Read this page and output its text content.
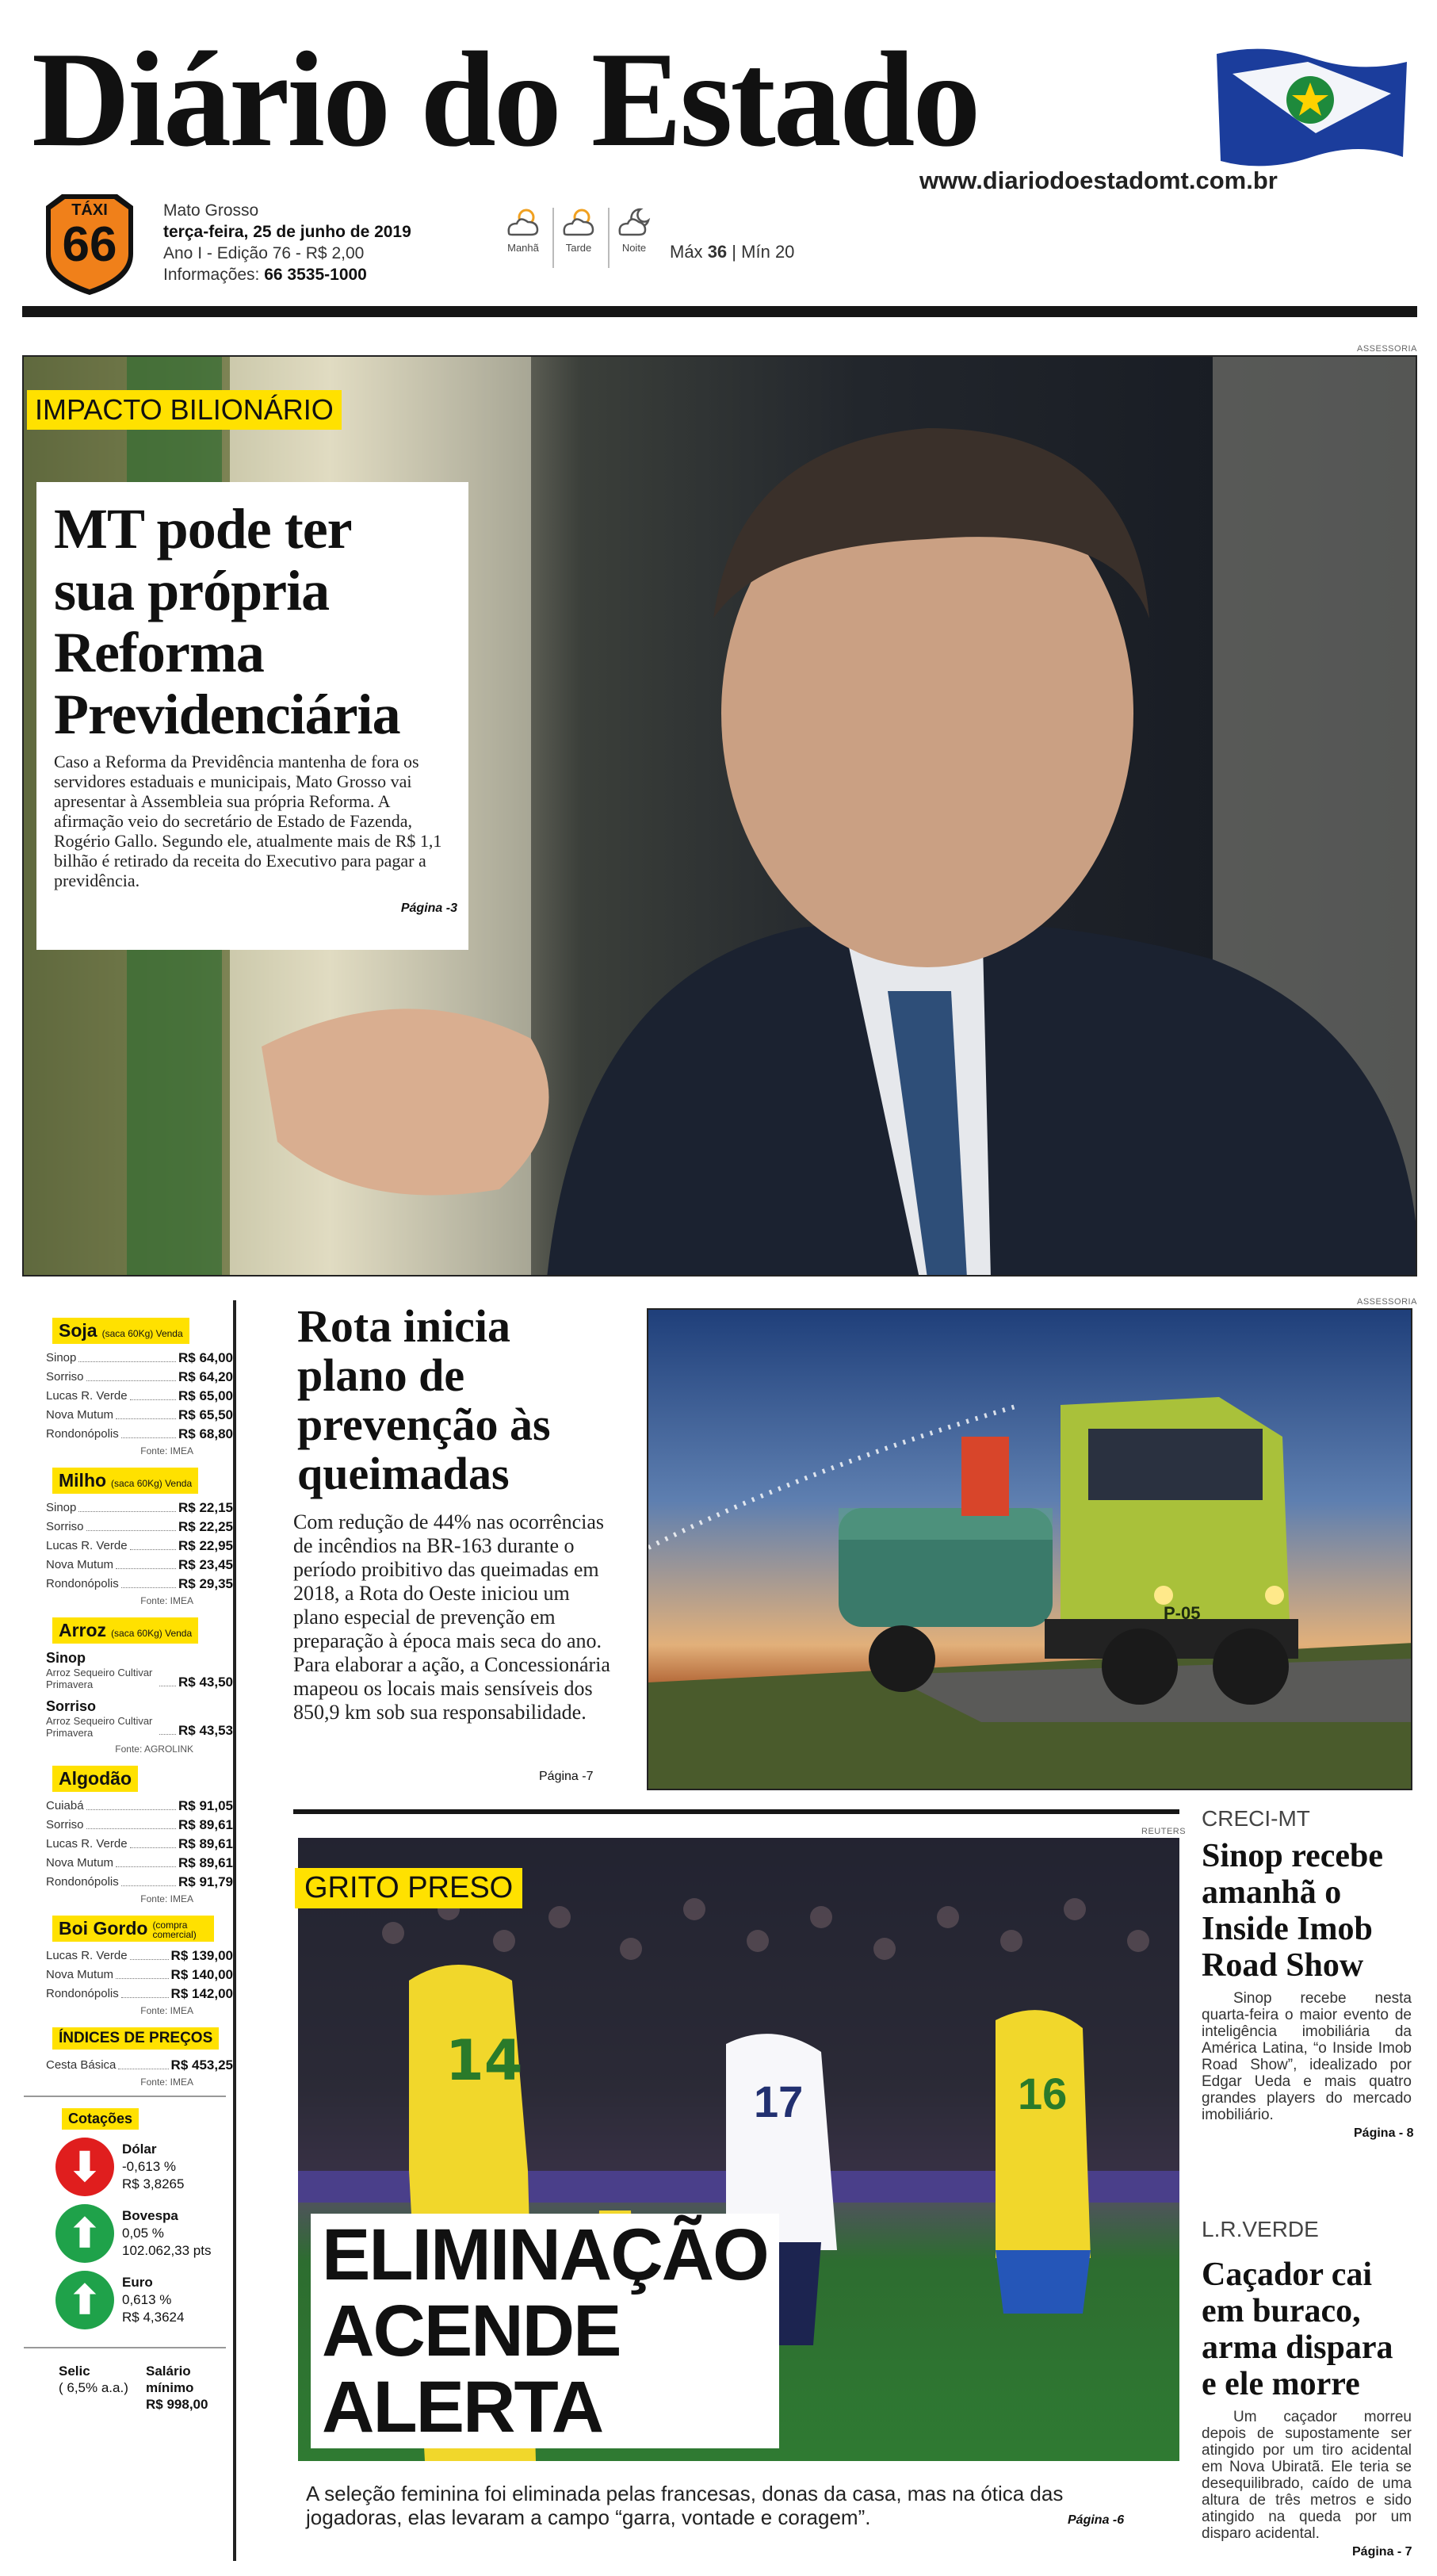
Diário do Estado
www.diariodoestadomt.com.br
TÁXI
66
Mato Grosso
terça-feira, 25 de junho de 2019
Ano I - Edição 76 - R$ 2,00
Informações: 66 3535-1000
Manhã	Tarde	Noite	Máx 36 | Mín 20
ASSESSORIA
IMPACTO BILIONÁRIO
MT pode ter
sua própria
Reforma
Previdenciária
Caso a Reforma da Previdência mantenha de fora os servidores estaduais e municipais, Mato Grosso vai apresentar à Assembleia sua própria Reforma. A afirmação veio do secretário de Estado de Fazenda, Rogério Gallo. Segundo ele, atualmente mais de R$ 1,1 bilhão é retirado da receita do Executivo para pagar a previdência.
Página -3
Soja (saca 60Kg) Venda
Sinop	R$ 64,00
Sorriso	R$ 64,20
Lucas R. Verde	R$ 65,00
Nova Mutum	R$ 65,50
Rondonópolis	R$ 68,80
Fonte: IMEA
Milho (saca 60Kg) Venda
Sinop	R$ 22,15
Sorriso	R$ 22,25
Lucas R. Verde	R$ 22,95
Nova Mutum	R$ 23,45
Rondonópolis	R$ 29,35
Fonte: IMEA
Arroz (saca 60Kg) Venda
Sinop
Arroz Sequeiro Cultivar Primavera	R$ 43,50
Sorriso
Arroz Sequeiro Cultivar Primavera	R$ 43,53
Fonte: AGROLINK
Algodão
Cuiabá	R$ 91,05
Sorriso	R$ 89,61
Lucas R. Verde	R$ 89,61
Nova Mutum	R$ 89,61
Rondonópolis	R$ 91,79
Fonte: IMEA
Boi Gordo (compra comercial)
Lucas R. Verde	R$ 139,00
Nova Mutum	R$ 140,00
Rondonópolis	R$ 142,00
Fonte: IMEA
ÍNDICES DE PREÇOS
Cesta Básica	R$ 453,25
Fonte: IMEA
Cotações
⬇	Dólar
-0,613 %
R$ 3,8265
⬆	Bovespa
0,05 %
102.062,33 pts
⬆	Euro
0,613 %
R$ 4,3624
Selic
( 6,5% a.a.)
Salário mínimo
R$ 998,00
Rota inicia
plano de
prevenção às
queimadas
Com redução de 44% nas ocorrências de incêndios na BR-163 durante o período proibitivo das queimadas em 2018, a Rota do Oeste iniciou um plano especial de prevenção em preparação à época mais seca do ano. Para elaborar a ação, a Concessionária mapeou os locais mais sensíveis dos 850,9 km sob sua responsabilidade.
Página -7
ASSESSORIA
P-05
REUTERS
14
17	16
GRITO PRESO
ELIMINAÇÃO
ACENDE
ALERTA
A seleção feminina foi eliminada pelas francesas, donas da casa, mas na ótica das jogadoras, elas levaram a campo “garra, vontade e coragem”.	Página -6
CRECI-MT
Sinop recebe
amanhã o
Inside Imob
Road Show
Sinop recebe nesta quarta-feira o maior evento de inteligência imobiliária da América Latina, “o Inside Imob Road Show”, idealizado por Edgar Ueda e mais quatro grandes players do mercado imobiliário.
Página - 8
L.R.VERDE
Caçador cai
em buraco,
arma dispara
e ele morre
Um caçador morreu depois de supostamente ser atingido por um tiro acidental em Nova Ubiratã. Ele teria se desequilibrado, caído de uma altura de três metros e sido atingido na queda por um disparo acidental.
Página - 7
